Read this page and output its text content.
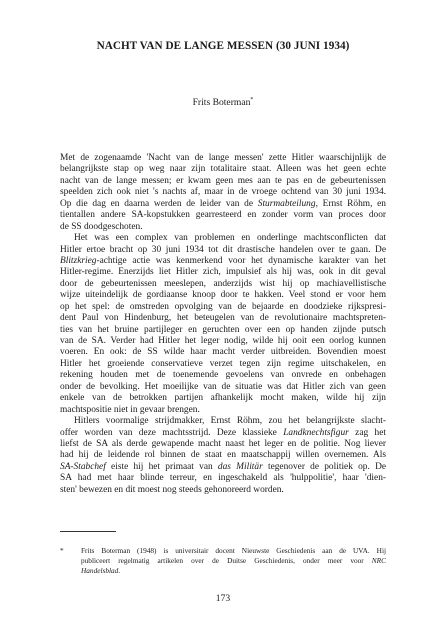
NACHT VAN DE LANGE MESSEN (30 JUNI 1934)
Frits Boterman*
Met de zogenaamde 'Nacht van de lange messen' zette Hitler waarschijnlijk de
belangrijkste stap op weg naar zijn totalitaire staat. Alleen was het geen echte
nacht van de lange messen; er kwam geen mes aan te pas en de gebeurtenissen
speelden zich ook niet 's nachts af, maar in de vroege ochtend van 30 juni 1934.
Op die dag en daarna werden de leider van de Sturmabteilung, Ernst Röhm, en
tientallen andere SA-kopstukken gearresteerd en zonder vorm van proces door
de SS doodgeschoten.
Het was een complex van problemen en onderlinge machtsconflicten dat
Hitler ertoe bracht op 30 juni 1934 tot dit drastische handelen over te gaan. De
Blitzkrieg-achtige actie was kenmerkend voor het dynamische karakter van het
Hitler-regime. Enerzijds liet Hitler zich, impulsief als hij was, ook in dit geval
door de gebeurtenissen meeslepen, anderzijds wist hij op machiavellistische
wijze uiteindelijk de gordiaanse knoop door te hakken. Veel stond er voor hem
op het spel: de omstreden opvolging van de bejaarde en doodzieke rijkspresi-
dent Paul von Hindenburg, het beteugelen van de revolutionaire machtspreten-
ties van het bruine partijleger en geruchten over een op handen zijnde putsch
van de SA. Verder had Hitler het leger nodig, wilde hij ooit een oorlog kunnen
voeren. En ook: de SS wilde haar macht verder uitbreiden. Bovendien moest
Hitler het groeiende conservatieve verzet tegen zijn regime uitschakelen, en
rekening houden met de toenemende gevoelens van onvrede en onbehagen
onder de bevolking. Het moeilijke van de situatie was dat Hitler zich van geen
enkele van de betrokken partijen afhankelijk mocht maken, wilde hij zijn
machtspositie niet in gevaar brengen.
Hitlers voormalige strijdmakker, Ernst Röhm, zou het belangrijkste slacht-
offer worden van deze machtsstrijd. Deze klassieke Landknechtsfigur zag het
liefst de SA als derde gewapende macht naast het leger en de politie. Nog liever
had hij de leidende rol binnen de staat en maatschappij willen overnemen. Als
SA-Stabchef eiste hij het primaat van das Militär tegenover de politiek op. De
SA had met haar blinde terreur, en ingeschakeld als 'hulppolitie', haar 'dien-
sten' bewezen en dit moest nog steeds gehonoreerd worden.
* Frits Boterman (1948) is universitair docent Nieuwste Geschiedenis aan de UVA. Hij
publiceert regelmatig artikelen over de Duitse Geschiedenis, onder meer voor NRC
Handelsblad.
173
